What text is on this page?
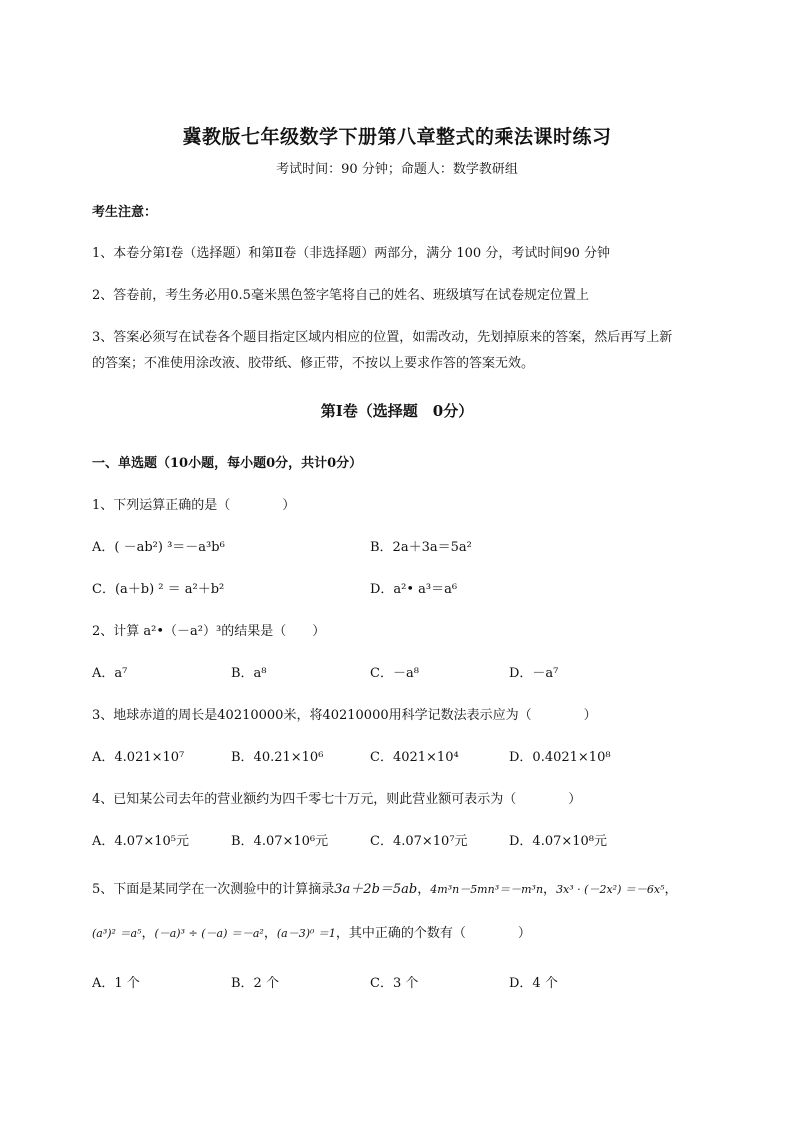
冀教版七年级数学下册第八章整式的乘法课时练习
考试时间：90 分钟；命题人：数学教研组
考生注意：
1、本卷分第Ⅰ卷（选择题）和第Ⅱ卷（非选择题）两部分，满分 100 分，考试时间90 分钟
2、答卷前，考生务必用0.5毫米黑色签字笔将自己的姓名、班级填写在试卷规定位置上
3、答案必须写在试卷各个题目指定区域内相应的位置，如需改动，先划掉原来的答案，然后再写上新
的答案；不准使用涂改液、胶带纸、修正带，不按以上要求作答的答案无效。
第Ⅰ卷（选择题　0分）
一、单选题（10小题，每小题0分，共计0分）
1、下列运算正确的是（　　　　）
A．( －ab²) ³＝－a³b⁶	B．2a＋3a＝5a²
C．(a＋b) ² ＝ a²＋b²	D．a²• a³＝a⁶
2、计算 a²•（－a²）³的结果是（　　）
A．a⁷	B．a⁸	C．－a⁸	D．－a⁷
3、地球赤道的周长是40210000米，将40210000用科学记数法表示应为（　　　　）
A．4.021×10⁷	B．40.21×10⁶	C．4021×10⁴	D．0.4021×10⁸
4、已知某公司去年的营业额约为四千零七十万元，则此营业额可表示为（　　　　）
A．4.07×10⁵元	B．4.07×10⁶元	C．4.07×10⁷元	D．4.07×10⁸元
5、下面是某同学在一次测验中的计算摘录3a＋2b＝5ab，4m³n－5mn³＝－m³n，3x³ · (－2x²) ＝－6x⁵，
(a³)² ＝a⁵，(－a)³ ÷ (－a) ＝－a²，(a－3)⁰ ＝1，其中正确的个数有（　　　　）
A．1 个	B．2 个	C．3 个	D．4 个
